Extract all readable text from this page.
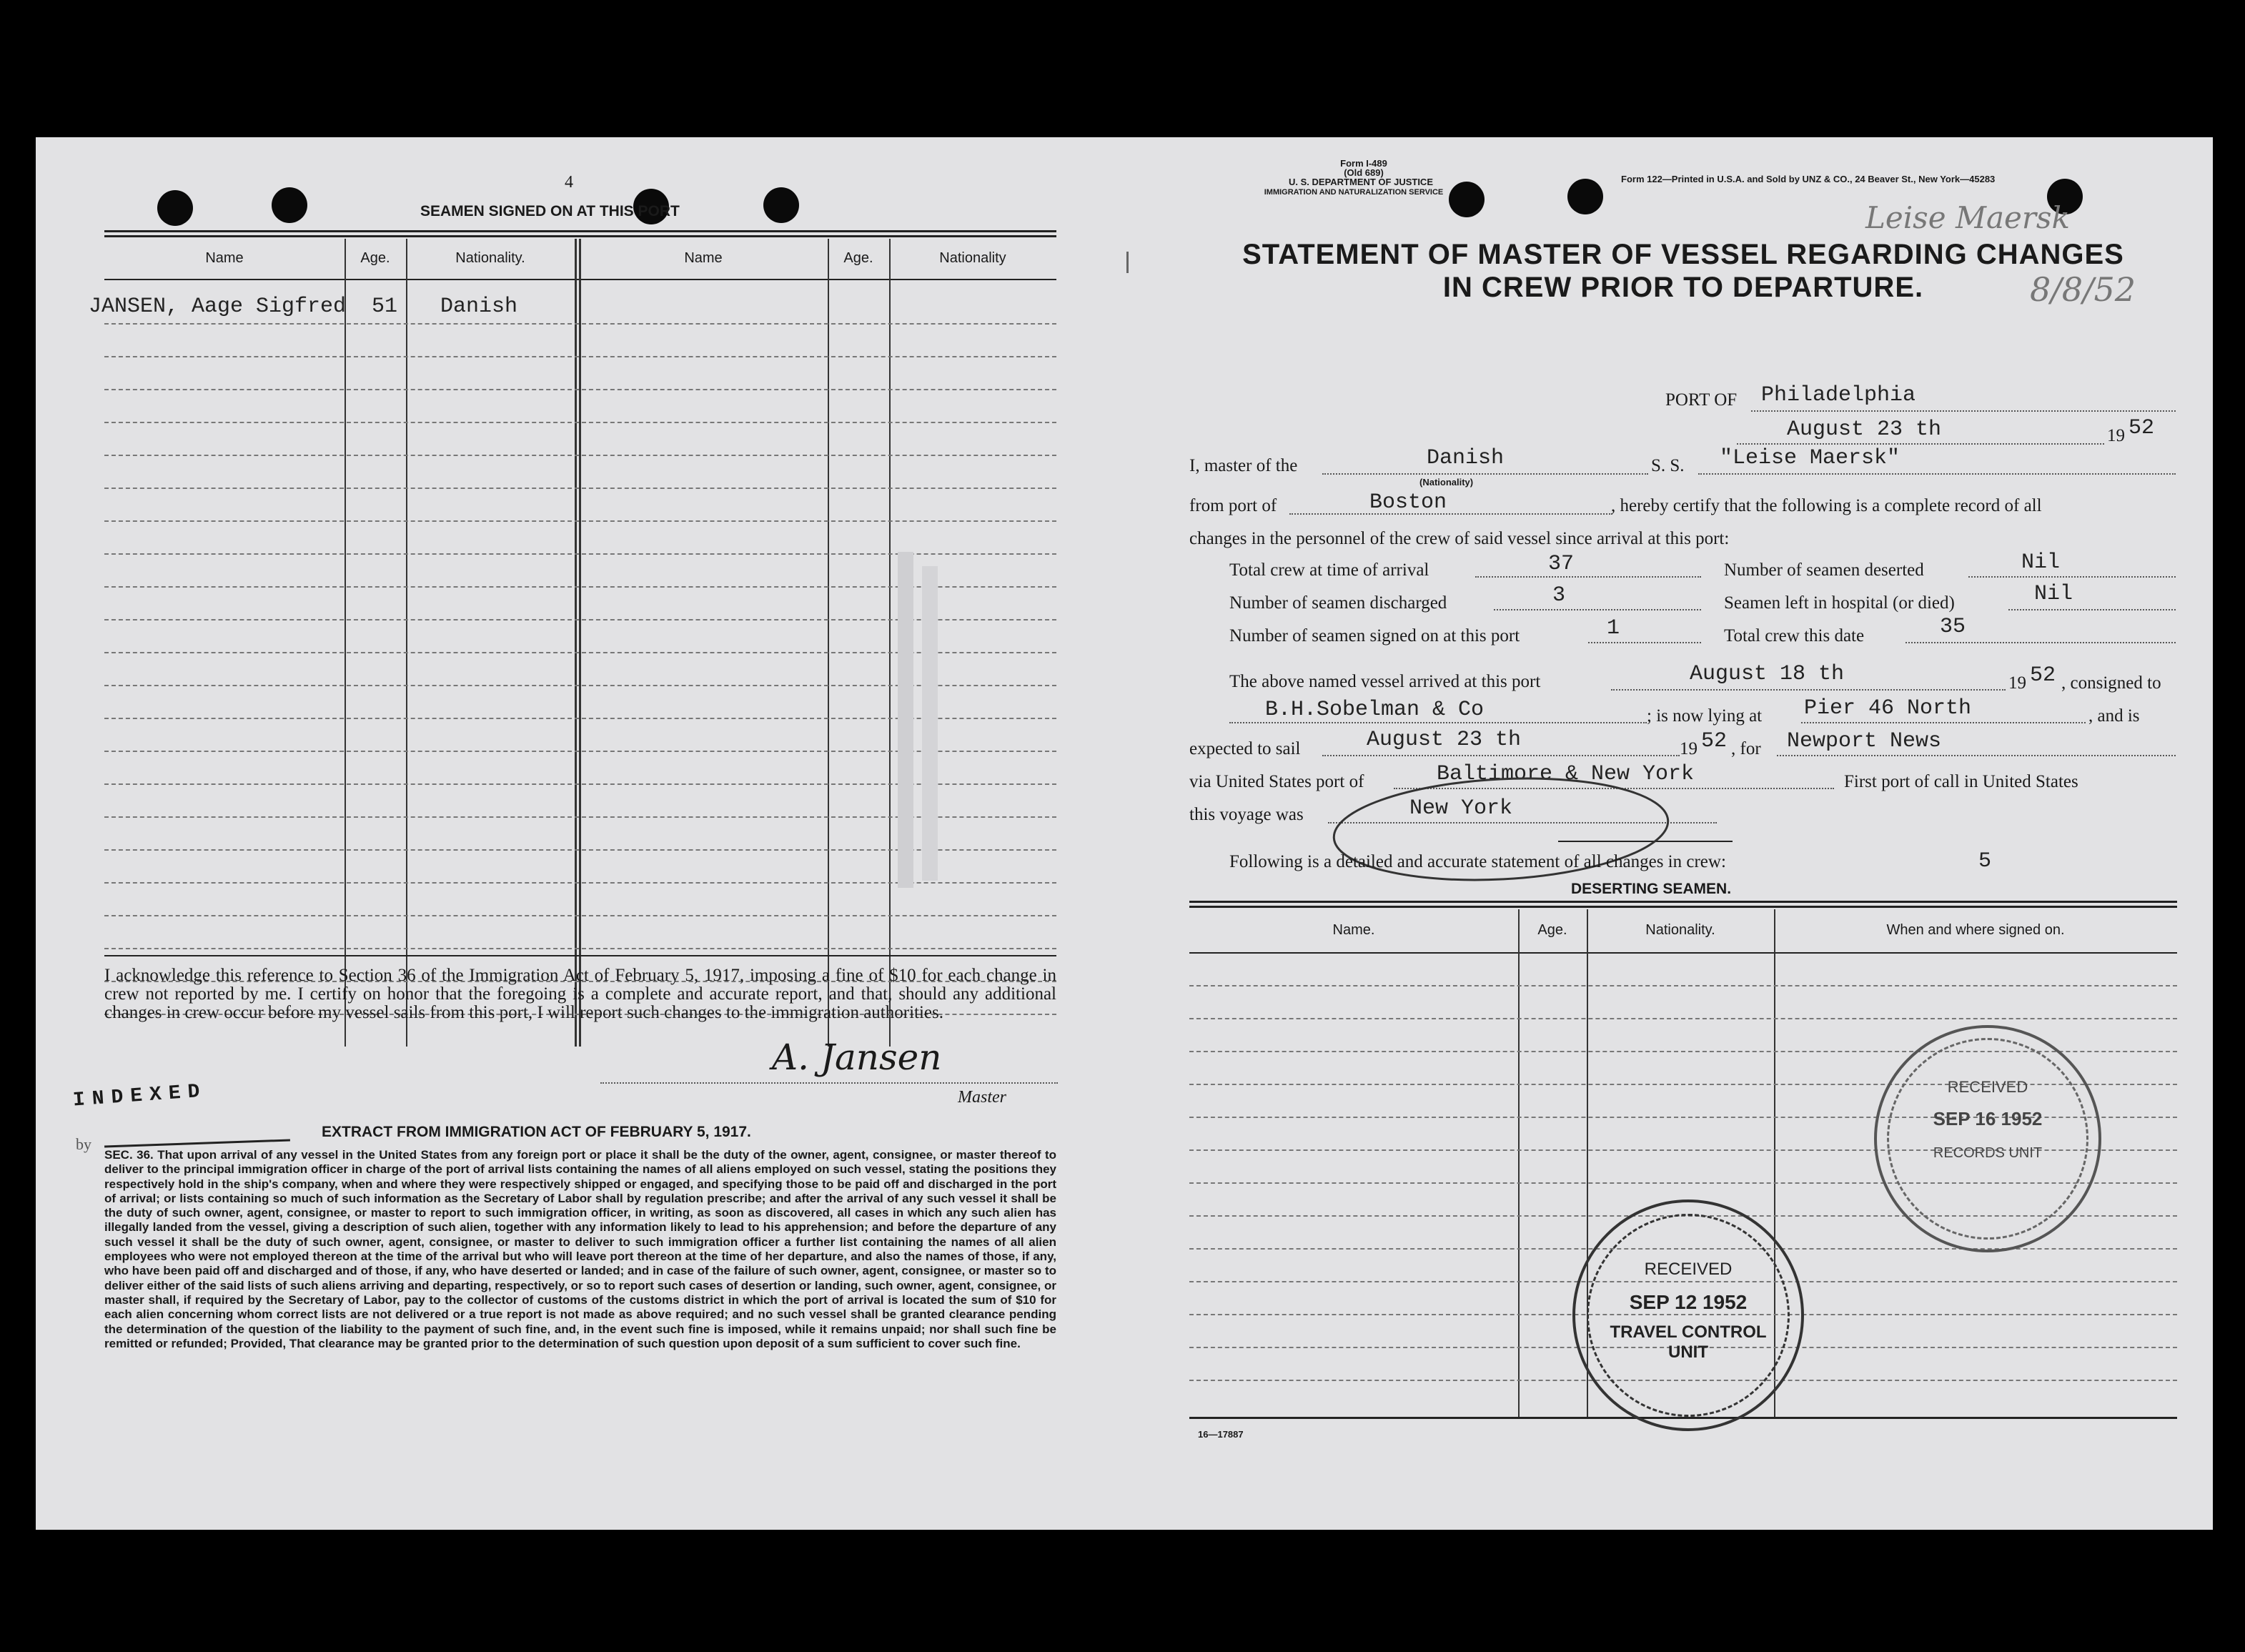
4
SEAMEN SIGNED ON AT THIS PORT
Name	Age.	Nationality.	Name	Age.	Nationality
JANSEN, Aage Sigfred 51 Danish
I acknowledge this reference to Section 36 of the Immigration Act of February 5, 1917, imposing a fine of $10 for each change in crew not reported by me. I certify on honor that the foregoing is a complete and accurate report, and that, should any additional changes in crew occur before my vessel sails from this port, I will report such changes to the immigration authorities.
A. Jansen
Master
INDEXED
by
EXTRACT FROM IMMIGRATION ACT OF FEBRUARY 5, 1917.
SEC. 36. That upon arrival of any vessel in the United States from any foreign port or place it shall be the duty of the owner, agent, consignee, or master thereof to deliver to the principal immigration officer in charge of the port of arrival lists containing the names of all aliens employed on such vessel, stating the positions they respectively hold in the ship's company, when and where they were respectively shipped or engaged, and specifying those to be paid off and discharged in the port of arrival; or lists containing so much of such information as the Secretary of Labor shall by regulation prescribe; and after the arrival of any such vessel it shall be the duty of such owner, agent, consignee, or master to report to such immigration officer, in writing, as soon as discovered, all cases in which any such alien has illegally landed from the vessel, giving a description of such alien, together with any information likely to lead to his apprehension; and before the departure of any such vessel it shall be the duty of such owner, agent, consignee, or master to deliver to such immigration officer a further list containing the names of all alien employees who were not employed thereon at the time of the arrival but who will leave port thereon at the time of her departure, and also the names of those, if any, who have been paid off and discharged and of those, if any, who have deserted or landed; and in case of the failure of such owner, agent, consignee, or master so to deliver either of the said lists of such aliens arriving and departing, respectively, or so to report such cases of desertion or landing, such owner, agent, consignee, or master shall, if required by the Secretary of Labor, pay to the collector of customs of the customs district in which the port of arrival is located the sum of $10 for each alien concerning whom correct lists are not delivered or a true report is not made as above required; and no such vessel shall be granted clearance pending the determination of the question of the liability to the payment of such fine, and, in the event such fine is imposed, while it remains unpaid; nor shall such fine be remitted or refunded; Provided, That clearance may be granted prior to the determination of such question upon deposit of a sum sufficient to cover such fine.
Form I-489
(Old 689)
U. S. DEPARTMENT OF JUSTICE
IMMIGRATION AND NATURALIZATION SERVICE
Form 122—Printed in U.S.A. and Sold by UNZ & CO., 24 Beaver St., New York—45283
Leise Maersk
8/8/52
STATEMENT OF MASTER OF VESSEL REGARDING CHANGES
IN CREW PRIOR TO DEPARTURE.
PORT OF Philadelphia
August 23 th	19 52
I, master of the	Danish
(Nationality)
S. S. "Leise Maersk"
from port of	Boston	, hereby certify that the following is a complete record of all
changes in the personnel of the crew of said vessel since arrival at this port:
Total crew at time of arrival	37	Number of seamen deserted	Nil
Number of seamen discharged	3	Seamen left in hospital (or died)	Nil
Number of seamen signed on at this port	1	Total crew this date	35
The above named vessel arrived at this port	August 18 th	19 52 , consigned to
B.H.Sobelman & Co	; is now lying at Pier 46 North	, and is
expected to sail	August 23 th	19 52 , for Newport News
via United States port of	Baltimore & New York	First port of call in United States
this voyage was	New York
Following is a detailed and accurate statement of all changes in crew:	5
DESERTING SEAMEN.
Name.	Age.	Nationality.	When and where signed on.
16—17887
RECEIVED
SEP 16 1952
RECORDS UNIT
RECEIVED
SEP 12 1952
TRAVEL CONTROL
UNIT
